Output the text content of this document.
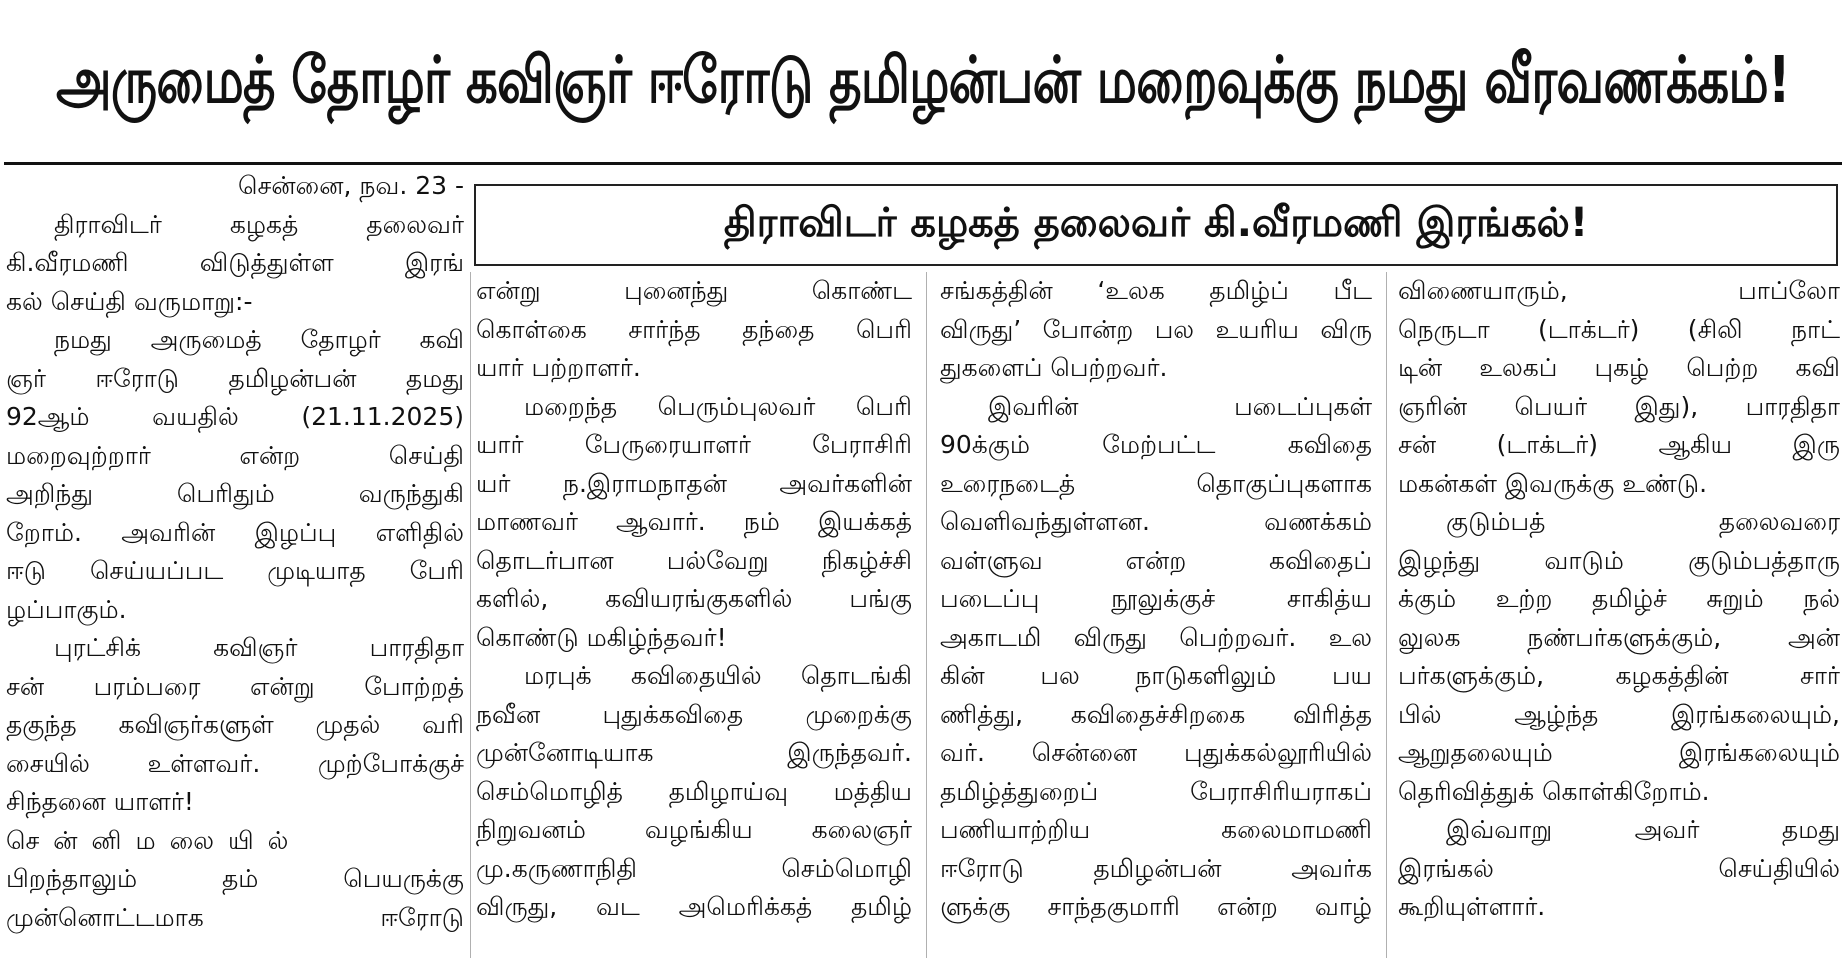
அருமைத் தோழர் கவிஞர் ஈரோடு தமிழன்பன் மறைவுக்கு நமது வீரவணக்கம்!
திராவிடர் கழகத் தலைவர் கி.வீரமணி இரங்கல்!

சென்னை, நவ. 23 -

திராவிடர் கழகத் தலைவர்
கி.வீரமணி விடுத்துள்ள இரங்
கல் செய்தி வருமாறு:-
நமது அருமைத் தோழர் கவி
ஞர் ஈரோடு தமிழன்பன் தமது
92ஆம் வயதில் (21.11.2025)
மறைவுற்றார் என்ற செய்தி
அறிந்து பெரிதும் வருந்துகி
றோம். அவரின் இழப்பு எளிதில்
ஈடு செய்யப்பட முடியாத பேரி
ழப்பாகும்.
புரட்சிக் கவிஞர் பாரதிதா
சன் பரம்பரை என்று போற்றத்
தகுந்த கவிஞர்களுள் முதல் வரி
சையில் உள்ளவர். முற்போக்குச்
சிந்தனை யாளர்!
சென்னிமலையில்
பிறந்தாலும் தம் பெயருக்கு
முன்னொட்டமாக ஈரோடு
என்று புனைந்து கொண்ட
கொள்கை சார்ந்த தந்தை பெரி
யார் பற்றாளர்.
மறைந்த பெரும்புலவர் பெரி
யார் பேருரையாளர் பேராசிரி
யர் ந.இராமநாதன் அவர்களின்
மாணவர் ஆவார். நம் இயக்கத்
தொடர்பான பல்வேறு நிகழ்ச்சி
களில், கவியரங்குகளில் பங்கு
கொண்டு மகிழ்ந்தவர்!
மரபுக் கவிதையில் தொடங்கி
நவீன புதுக்கவிதை முறைக்கு
முன்னோடியாக இருந்தவர்.
செம்மொழித் தமிழாய்வு மத்திய
நிறுவனம் வழங்கிய கலைஞர்
மு.கருணாநிதி செம்மொழி
விருது, வட அமெரிக்கத் தமிழ்
சங்கத்தின் ‘உலக தமிழ்ப் பீட
விருது’ போன்ற பல உயரிய விரு
துகளைப் பெற்றவர்.
இவரின் படைப்புகள்
90க்கும் மேற்பட்ட கவிதை
உரைநடைத் தொகுப்புகளாக
வெளிவந்துள்ளன. வணக்கம்
வள்ளுவ என்ற கவிதைப்
படைப்பு நூலுக்குச் சாகித்ய
அகாடமி விருது பெற்றவர். உல
கின் பல நாடுகளிலும் பய
ணித்து, கவிதைச்சிறகை விரித்த
வர். சென்னை புதுக்கல்லூரியில்
தமிழ்த்துறைப் பேராசிரியராகப்
பணியாற்றிய கலைமாமணி
ஈரோடு தமிழன்பன் அவர்க
ளுக்கு சாந்தகுமாரி என்ற வாழ்
விணையாரும், பாப்லோ
நெருடா (டாக்டர்) (சிலி நாட்
டின் உலகப் புகழ் பெற்ற கவி
ஞரின் பெயர் இது), பாரதிதா
சன் (டாக்டர்) ஆகிய இரு
மகன்கள் இவருக்கு உண்டு.
குடும்பத் தலைவரை
இழந்து வாடும் குடும்பத்தாரு
க்கும் உற்ற தமிழ்ச் சுறும் நல்
லுலக நண்பர்களுக்கும், அன்
பர்களுக்கும், கழகத்தின் சார்
பில் ஆழ்ந்த இரங்கலையும்,
ஆறுதலையும் இரங்கலையும்
தெரிவித்துக் கொள்கிறோம்.
இவ்வாறு அவர் தமது
இரங்கல் செய்தியில்
கூறியுள்ளார்.
